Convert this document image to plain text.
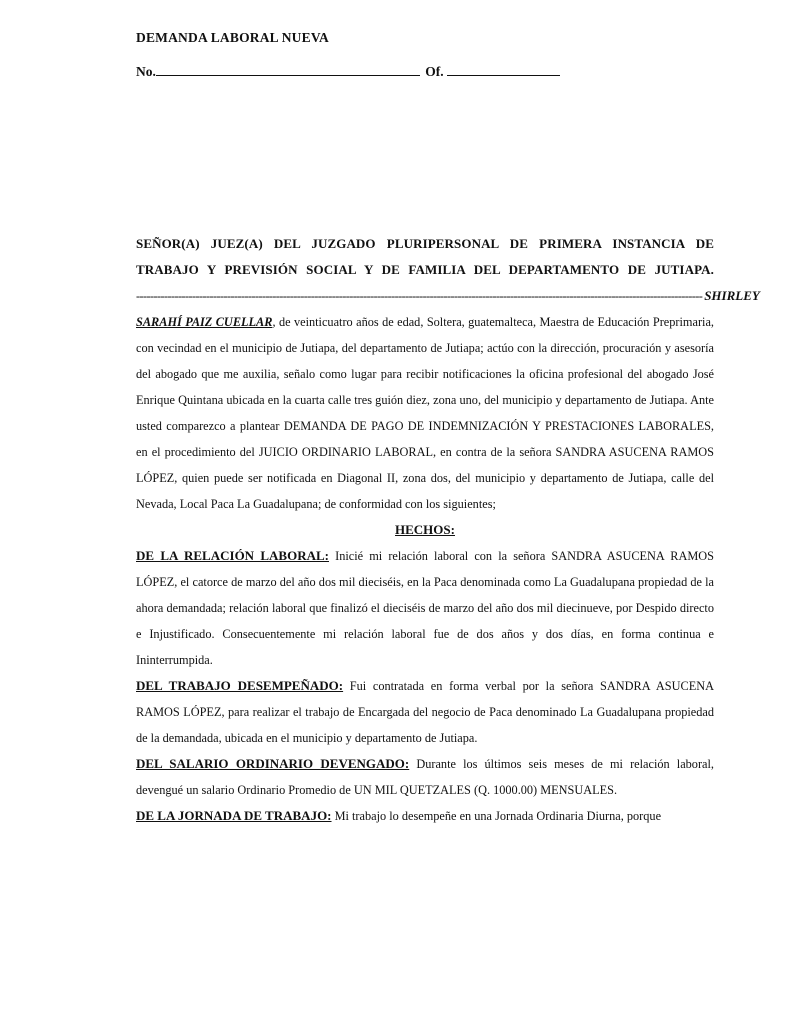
DEMANDA LABORAL NUEVA
No.	Of.
SEÑOR(A) JUEZ(A) DEL JUZGADO PLURIPERSONAL DE PRIMERA INSTANCIA DE
TRABAJO Y PREVISIÓN SOCIAL Y DE FAMILIA DEL DEPARTAMENTO DE JUTIAPA.
------------------------------------------------------------------------------------------------------------------------------------------------------------------ SHIRLEY

SARAHÍ PAIZ CUELLAR, de veinticuatro años de edad, Soltera, guatemalteca, Maestra de Educación Preprimaria, con vecindad en el municipio de Jutiapa, del departamento de Jutiapa; actúo con la dirección, procuración y asesoría del abogado que me auxilia, señalo como lugar para recibir notificaciones la oficina profesional del abogado José Enrique Quintana ubicada en la cuarta calle tres guión diez, zona uno, del municipio y departamento de Jutiapa. Ante usted comparezco a plantear DEMANDA DE PAGO DE INDEMNIZACIÓN Y PRESTACIONES LABORALES, en el procedimiento del JUICIO ORDINARIO LABORAL, en contra de la señora SANDRA ASUCENA RAMOS LÓPEZ, quien puede ser notificada en Diagonal II, zona dos, del municipio y departamento de Jutiapa, calle del Nevada, Local Paca La Guadalupana; de conformidad con los siguientes;

HECHOS:

DE LA RELACIÓN LABORAL: Inicié mi relación laboral con la señora SANDRA ASUCENA RAMOS LÓPEZ, el catorce de marzo del año dos mil dieciséis, en la Paca denominada como La Guadalupana propiedad de la ahora demandada; relación laboral que finalizó el dieciséis de marzo del año dos mil diecinueve, por Despido directo e Injustificado. Consecuentemente mi relación laboral fue de dos años y dos días, en forma continua e Ininterrumpida.

DEL TRABAJO DESEMPEÑADO: Fui contratada en forma verbal por la señora SANDRA ASUCENA RAMOS LÓPEZ, para realizar el trabajo de Encargada del negocio de Paca denominado La Guadalupana propiedad de la demandada, ubicada en el municipio y departamento de Jutiapa.

DEL SALARIO ORDINARIO DEVENGADO: Durante los últimos seis meses de mi relación laboral, devengué un salario Ordinario Promedio de UN MIL QUETZALES (Q. 1000.00) MENSUALES.

DE LA JORNADA DE TRABAJO: Mi trabajo lo desempeñe en una Jornada Ordinaria Diurna, porque
